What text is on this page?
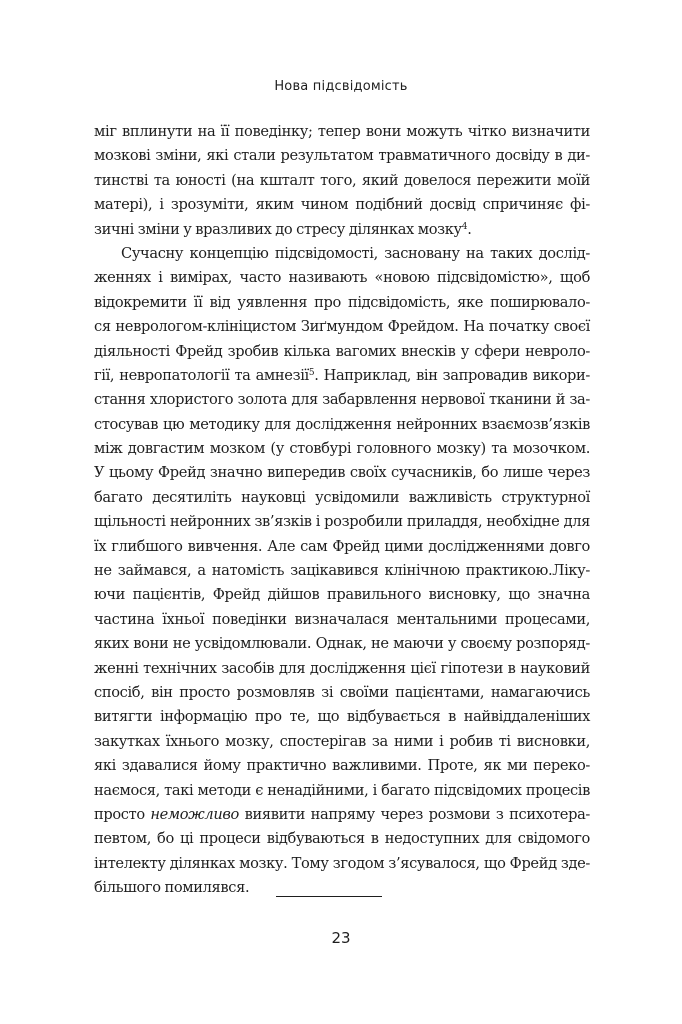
Нова підсвідомість
міг вплинути на її поведінку; тепер вони можуть чітко визначити
мозкові зміни, які стали результатом травматичного досвіду в ди-
тинстві та юності (на кшталт того, який довелося пережити моїй
матері), і зрозуміти, яким чином подібний досвід спричиняє фі-
зичні зміни у вразливих до стресу ділянках мозку$^4$.
Сучасну концепцію підсвідомості, засновану на таких дослід-
женнях і вимірах, часто називають «новою підсвідомістю», щоб
відокремити її від уявлення про підсвідомість, яке поширювало-
ся неврологом-клініцистом Зиґмундом Фрейдом. На початку своєї
діяльності Фрейд зробив кілька вагомих внесків у сфери невроло-
гії, невропатології та амнезії$^5$. Наприклад, він запровадив викори-
стання хлористого золота для забарвлення нервової тканини й за-
стосував цю методику для дослідження нейронних взаємозв’язків
між довгастим мозком (у стовбурі головного мозку) та мозочком.
У цьому Фрейд значно випередив своїх сучасників, бо лише через
багато десятиліть науковці усвідомили важливість структурної
щільності нейронних зв’язків і розробили приладдя, необхідне для
їх глибшого вивчення. Але сам Фрейд цими дослідженнями довго
не займався, а натомість зацікавився клінічною практикою.Ліку-
ючи пацієнтів, Фрейд дійшов правильного висновку, що значна
частина їхньої поведінки визначалася ментальними процесами,
яких вони не усвідомлювали. Однак, не маючи у своєму розпоряд-
женні технічних засобів для дослідження цієї гіпотези в науковий
спосіб, він просто розмовляв зі своїми пацієнтами, намагаючись
витягти інформацію про те, що відбувається в найвіддаленіших
закутках їхнього мозку, спостерігав за ними і робив ті висновки,
які здавалися йому практично важливими. Проте, як ми переко-
наємося, такі методи є ненадійними, і багато підсвідомих процесів
просто неможливо виявити напряму через розмови з психотера-
певтом, бо ці процеси відбуваються в недоступних для свідомого
інтелекту ділянках мозку. Тому згодом з’ясувалося, що Фрейд зде-
більшого помилявся.
23
